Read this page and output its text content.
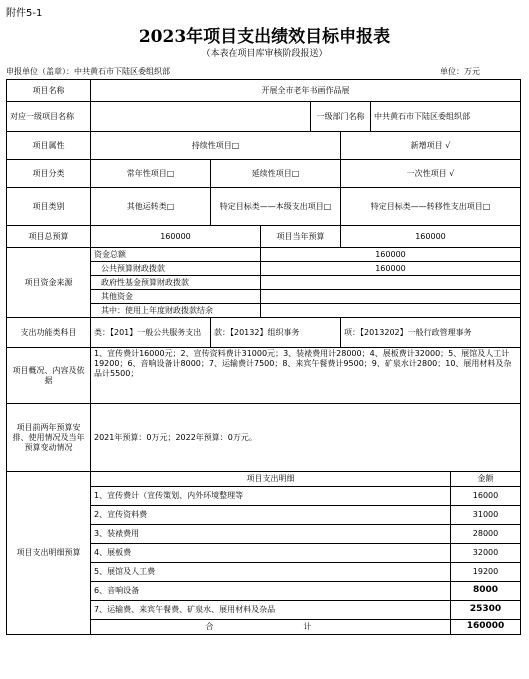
附件5-1
2023年项目支出绩效目标申报表
（本表在项目库审核阶段报送）
申报单位（盖章）：中共黄石市下陆区委组织部	单位：万元
项目名称	开展全市老年书画作品展						
对应一级项目名称				一级部门名称		中共黄石市下陆区委组织部	
项目属性	持续性项目□				新增项目 √		
项目分类	常年性项目□	延续性项目□			一次性项目 √		
项目类别	其他运转类□	特定目标类——本级支出项目□			特定目标类——转移性支出项目□		
项目总预算	160000		项目当年预算		160000		
项目资金来源	资金总额		160000				
	公共预算财政拨款		160000				
	政府性基金预算财政拨款						
	其他资金						
	其中：使用上年度财政拨款结余						
支出功能类科目	类：【201】一般公共服务支出	款：【20132】组织事务			项：【2013202】一般行政管理事务		
项目概况、内容及依据	1、宣传费计16000元；2、宣传资料费计31000元；3、装裱费用计28000；4、展板费计32000；5、展馆及人工计19200；6、音响设备计8000；7、运输费计7500；8、来宾午餐费计9500；9、矿泉水计2800；10、展用材料及杂品计5500；						
项目前两年预算安排、使用情况及当年预算变动情况	2021年预算：0万元；2022年预算：0万元。						
项目支出明细预算	项目支出明细						金额
	1、宣传费计（宣传策划、内外环境整理等						16000
	2、宣传资料费						31000
	3、装裱费用						28000
	4、展板费						32000
	5、展馆及人工费						19200
	6、音响设备						8000
	7、运输费、来宾午餐费、矿泉水、展用材料及杂品						25300
	合 计						160000
